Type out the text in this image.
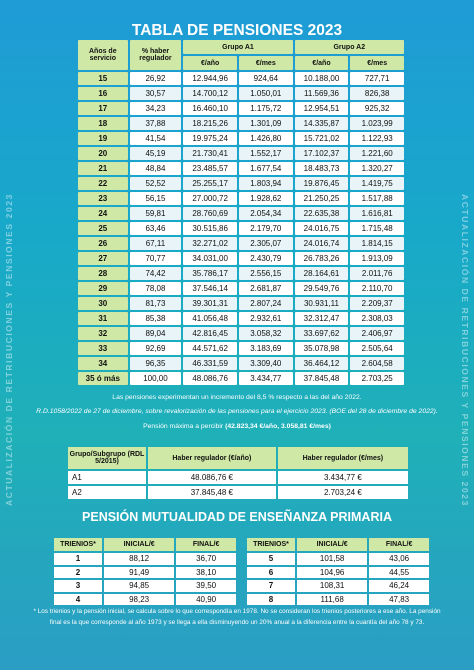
ACTUALIZACIÓN DE RETRIBUCIONES Y PENSIONES 2023	ACTUALIZACIÓN DE RETRIBUCIONES Y PENSIONES 2023
TABLA DE PENSIONES 2023
Años de servicio	% haber regulador	Grupo A1		Grupo A2	
		€/año	€/mes	€/año	€/mes
15	26,92	12.944,96	924,64	10.188,00	727,71
16	30,57	14.700,12	1.050,01	11.569,36	826,38
17	34,23	16.460,10	1.175,72	12.954,51	925,32
18	37,88	18.215,26	1.301,09	14.335,87	1.023,99
19	41,54	19.975,24	1.426,80	15.721,02	1.122,93
20	45,19	21.730,41	1.552,17	17.102,37	1.221,60
21	48,84	23.485,57	1.677,54	18.483,73	1.320,27
22	52,52	25.255,17	1.803,94	19.876,45	1.419,75
23	56,15	27.000,72	1.928,62	21.250,25	1.517,88
24	59,81	28.760,69	2.054,34	22.635,38	1.616,81
25	63,46	30.515,86	2.179,70	24.016,75	1.715,48
26	67,11	32.271,02	2.305,07	24.016,74	1.814,15
27	70,77	34.031,00	2.430,79	26.783,26	1.913,09
28	74,42	35.786,17	2.556,15	28.164,61	2.011,76
29	78,08	37.546,14	2.681,87	29.549,76	2.110,70
30	81,73	39.301,31	2.807,24	30.931,11	2.209,37
31	85,38	41.056,48	2.932,61	32.312,47	2.308,03
32	89,04	42.816,45	3.058,32	33.697,62	2.406,97
33	92,69	44.571,62	3.183,69	35.078,98	2.505,64
34	96,35	46.331,59	3.309,40	36.464,12	2.604,58
35 ó más	100,00	48.086,76	3.434,77	37.845,48	2.703,25
Las pensiones experimentan un incremento del 8,5 % respecto a las del año 2022.
R.D.1058/2022 de 27 de diciembre, sobre revalorización de las pensiones para el ejercicio 2023. (BOE del 28 de diciembre de 2022).
Pensión máxima a percibir (42.823,34 €/año, 3.058,81 €/mes)
Grupo/Subgrupo (RDL 5/2015)	Haber regulador (€/año)	Haber regulador (€/mes)
A1	48.086,76 €	3.434,77 €
A2	37.845,48 €	2.703,24 €
PENSIÓN MUTUALIDAD DE ENSEÑANZA PRIMARIA
TRIENIOS*	INICIAL/€	FINAL/€
1	88,12	36,70
2	91,49	38,10
3	94,85	39,50
4	98,23	40,90
TRIENIOS*	INICIAL/€	FINAL/€
5	101,58	43,06
6	104,96	44,55
7	108,31	46,24
8	111,68	47,83
* Los trienios y la pensión inicial, se calcula sobre lo que correspondía en 1978. No se consideran los trienios posteriores a ese año. La pensión final es la que corresponde al año 1973 y se llega a ella disminuyendo un 20% anual a la diferencia entre la cuantía del año 78 y 73.
